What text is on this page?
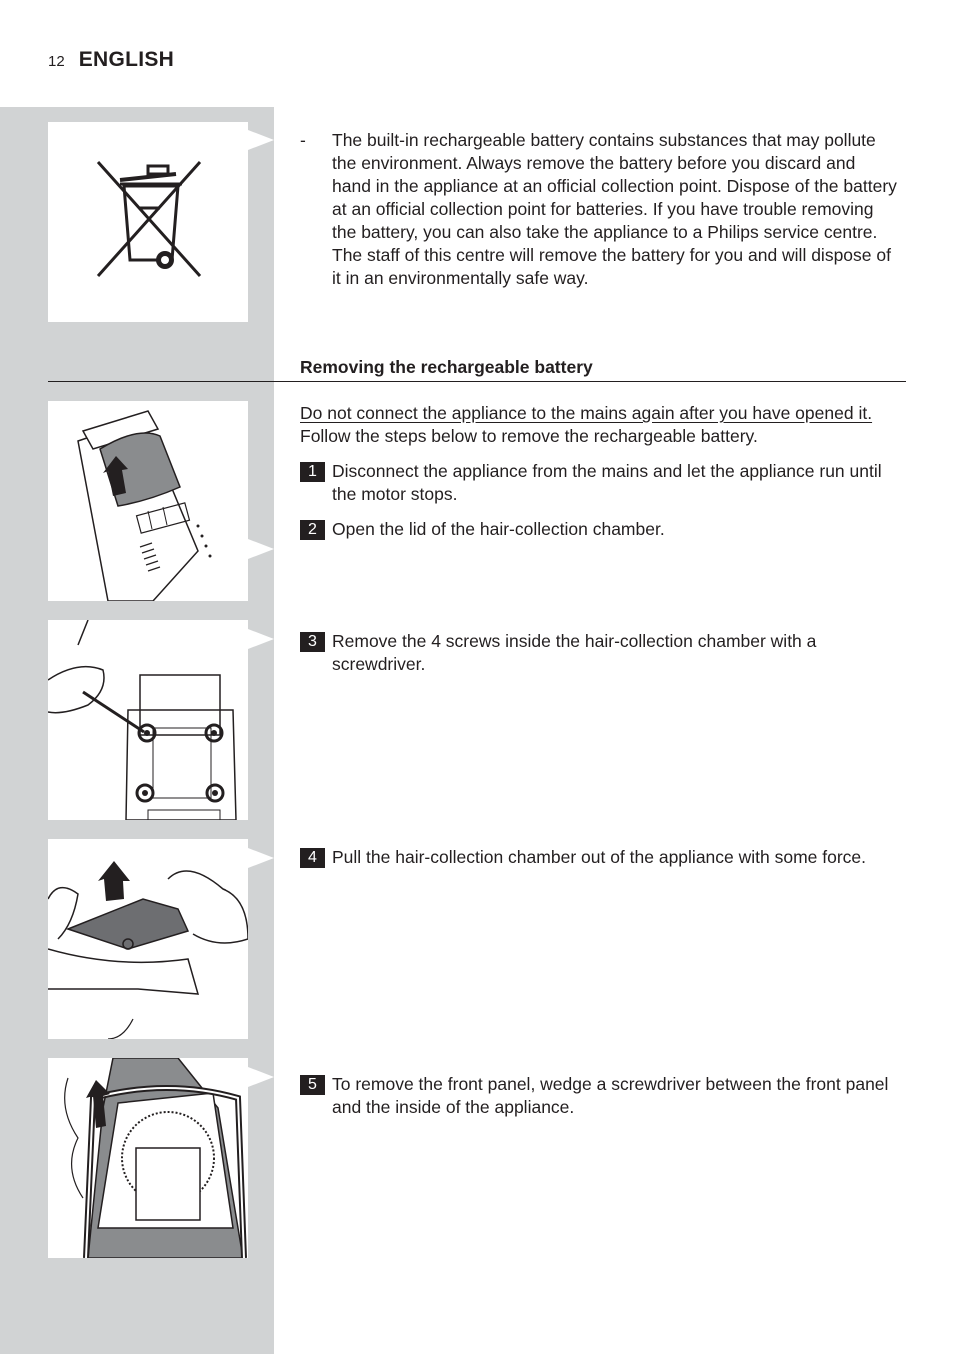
12 ENGLISH
-	The built-in rechargeable battery contains substances that may pollute the environment. Always remove the battery before you discard and hand in the appliance at an official collection point. Dispose of the battery at an official collection point for batteries. If you have trouble removing the battery, you can also take the appliance to a Philips service centre. The staff of this centre will remove the battery for you and will dispose of it in an environmentally safe way.
Removing the rechargeable battery
Do not connect the appliance to the mains again after you have opened it.
Follow the steps below to remove the rechargeable battery.
1 Disconnect the appliance from the mains and let the appliance run until the motor stops.
2 Open the lid of the hair-collection chamber.
3 Remove the 4 screws inside the hair-collection chamber with a screwdriver.
4 Pull the hair-collection chamber out of the appliance with some force.
5 To remove the front panel, wedge a screwdriver between the front panel and the inside of the appliance.
